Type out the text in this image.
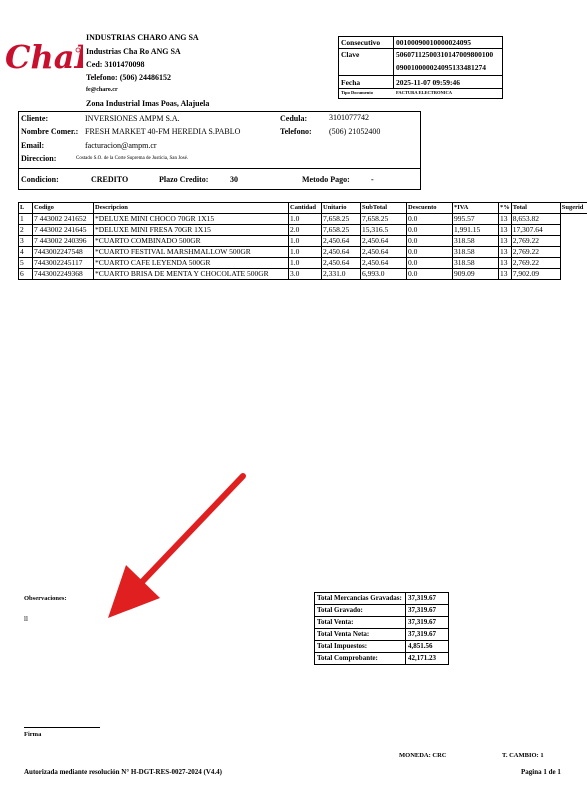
Cha
INDUSTRIAS CHARO ANG SA
Industrias Cha Ro ANG SA
Ced: 3101470098
Telefono: (506) 24486152
fe@charo.cr
Zona Industrial Imas Poas, Alajuela
Consecutivo 00100090010000024095
Clave	50607112500310147009800100
090010000024095133481274
Fecha	2025-11-07 09:59:46
Tipo Documento	FACTURA ELECTRONICA
Cliente:	INVERSIONES AMPM S.A.	Cedula:	3101077742
Nombre Comer.: FRESH MARKET 40-FM HEREDIA S.PABLO	Telefono: (506) 21052400
Email:	facturacion@ampm.cr
Direccion:	Costado S.O. de la Corte Suprema de Justicia, San José.
Condicion:	CREDITO	Plazo Credito:	30	Metodo Pago:	-
L	Codigo	Descripcion	Cantidad	Unitario	SubTotal	Descuento	*IVA	*%	Total	Sugerid
1	7 443002 241652	*DELUXE MINI CHOCO 70GR 1X15	1.0	7,658.25	7,658.25	0.0	995.57	13	8,653.82	
2	7 443002 241645	*DELUXE MINI FRESA 70GR 1X15	2.0	7,658.25	15,316.5	0.0	1,991.15	13	17,307.64	
3	7 443002 240396	*CUARTO COMBINADO 500GR	1.0	2,450.64	2,450.64	0.0	318.58	13	2,769.22	
4	7443002247548	*CUARTO FESTIVAL MARSHMALLOW 500GR	1.0	2,450.64	2,450.64	0.0	318.58	13	2,769.22	
5	7443002245117	*CUARTO CAFE LEYENDA 500GR	1.0	2,450.64	2,450.64	0.0	318.58	13	2,769.22	
6	7443002249368	*CUARTO BRISA DE MENTA Y CHOCOLATE 500GR	3.0	2,331.0	6,993.0	0.0	909.09	13	7,902.09	
Observaciones:
ll
Total Mercancias Gravadas:	37,319.67
Total Gravado:	37,319.67
Total Venta:	37,319.67
Total Venta Neta:	37,319.67
Total Impuestos:	4,851.56
Total Comprobante:	42,171.23
Firma
MONEDA: CRC	T. CAMBIO: 1
Autorizada mediante resolución N° H-DGT-RES-0027-2024 (V4.4)	Pagina 1 de 1
